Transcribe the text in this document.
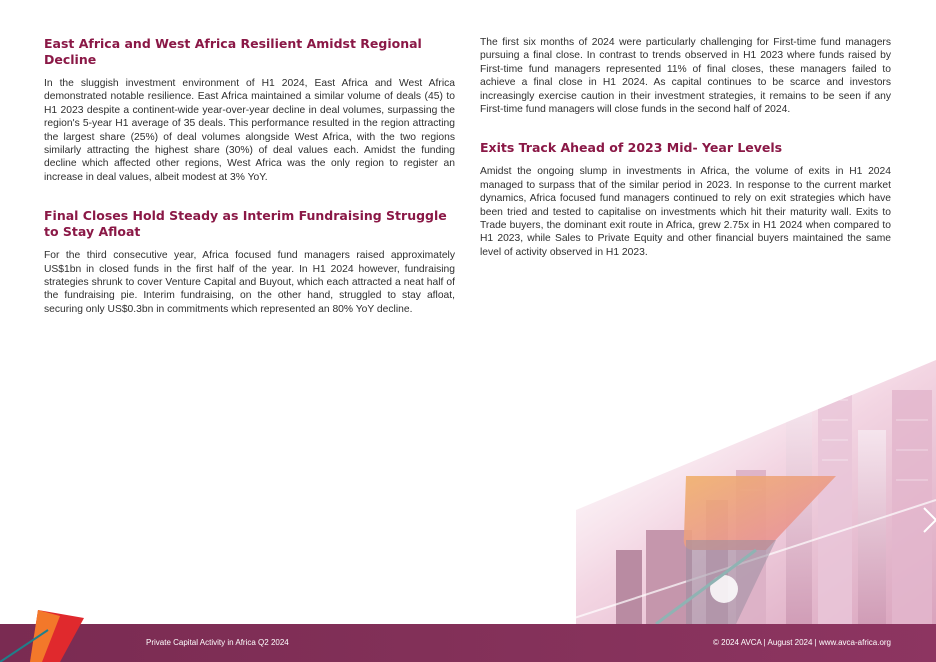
East Africa and West Africa Resilient Amidst Regional Decline

In the sluggish investment environment of H1 2024, East Africa and West Africa demonstrated notable resilience. East Africa maintained a similar volume of deals (45) to H1 2023 despite a continent-wide year-over-year decline in deal volumes, surpassing the region's 5-year H1 average of 35 deals. This performance resulted in the region attracting the largest share (25%) of deal volumes alongside West Africa, with the two regions similarly attracting the highest share (30%) of deal values each. Amidst the funding decline which affected other regions, West Africa was the only region to register an increase in deal values, albeit modest at 3% YoY.

Final Closes Hold Steady as Interim Fundraising Struggle to Stay Afloat

For the third consecutive year, Africa focused fund managers raised approximately US$1bn in closed funds in the first half of the year. In H1 2024 however, fundraising strategies shrunk to cover Venture Capital and Buyout, which each attracted a neat half of the fundraising pie. Interim fundraising, on the other hand, struggled to stay afloat, securing only US$0.3bn in commitments which represented an 80% YoY decline.

The first six months of 2024 were particularly challenging for First-time fund managers pursuing a final close. In contrast to trends observed in H1 2023 where funds raised by First-time fund managers represented 11% of final closes, these managers failed to achieve a final close in H1 2024. As capital continues to be scarce and investors increasingly exercise caution in their investment strategies, it remains to be seen if any First-time fund managers will close funds in the second half of 2024.

Exits Track Ahead of 2023 Mid- Year Levels

Amidst the ongoing slump in investments in Africa, the volume of exits in H1 2024 managed to surpass that of the similar period in 2023. In response to the current market dynamics, Africa focused fund managers continued to rely on exit strategies which have been tried and tested to capitalise on investments which hit their maturity wall. Exits to Trade buyers, the dominant exit route in Africa, grew 2.75x in H1 2024 when compared to H1 2023, while Sales to Private Equity and other financial buyers maintained the same level of activity observed in H1 2023.

Private Capital Activity in Africa Q2 2024	© 2024 AVCA | August 2024 | www.avca-africa.org
